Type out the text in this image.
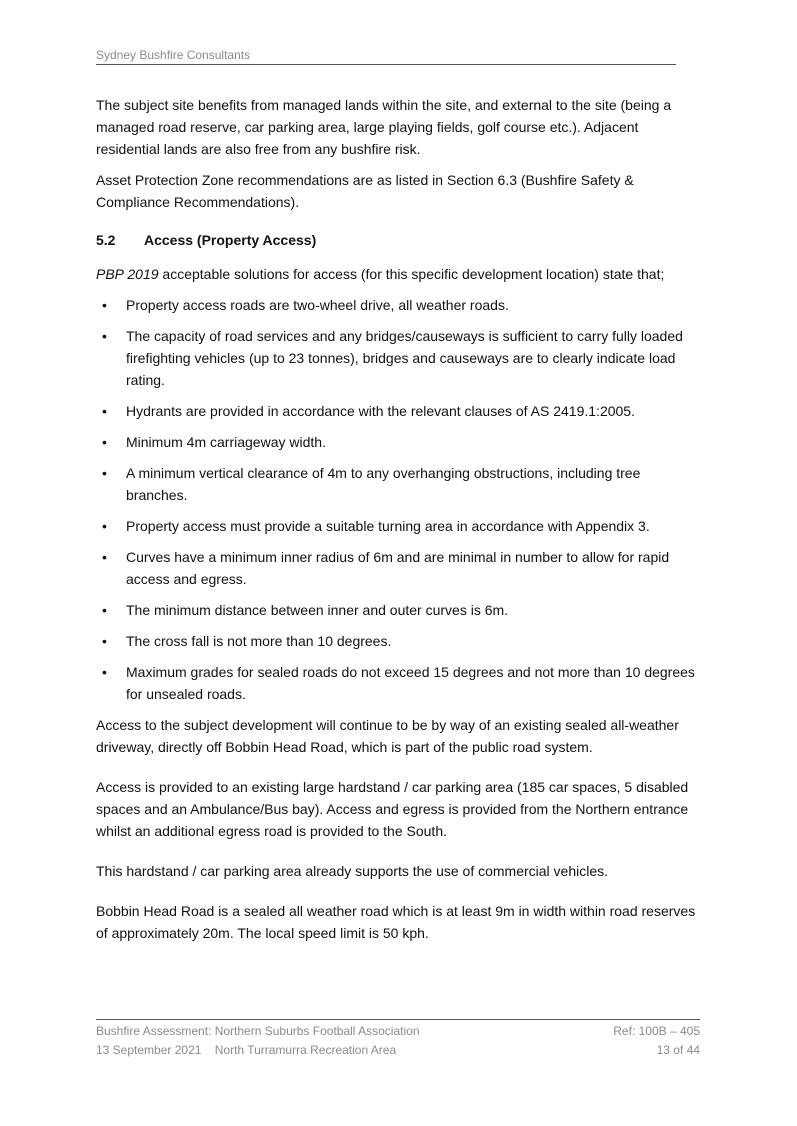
Sydney Bushfire Consultants

The subject site benefits from managed lands within the site, and external to the site (being a managed road reserve, car parking area, large playing fields, golf course etc.). Adjacent residential lands are also free from any bushfire risk.

Asset Protection Zone recommendations are as listed in Section 6.3 (Bushfire Safety & Compliance Recommendations).

5.2 Access (Property Access)

PBP 2019 acceptable solutions for access (for this specific development location) state that;

• Property access roads are two-wheel drive, all weather roads.
• The capacity of road services and any bridges/causeways is sufficient to carry fully loaded firefighting vehicles (up to 23 tonnes), bridges and causeways are to clearly indicate load rating.
• Hydrants are provided in accordance with the relevant clauses of AS 2419.1:2005.
• Minimum 4m carriageway width.
• A minimum vertical clearance of 4m to any overhanging obstructions, including tree branches.
• Property access must provide a suitable turning area in accordance with Appendix 3.
• Curves have a minimum inner radius of 6m and are minimal in number to allow for rapid access and egress.
• The minimum distance between inner and outer curves is 6m.
• The cross fall is not more than 10 degrees.
• Maximum grades for sealed roads do not exceed 15 degrees and not more than 10 degrees for unsealed roads.

Access to the subject development will continue to be by way of an existing sealed all-weather driveway, directly off Bobbin Head Road, which is part of the public road system.

Access is provided to an existing large hardstand / car parking area (185 car spaces, 5 disabled spaces and an Ambulance/Bus bay). Access and egress is provided from the Northern entrance whilst an additional egress road is provided to the South.

This hardstand / car parking area already supports the use of commercial vehicles.

Bobbin Head Road is a sealed all weather road which is at least 9m in width within road reserves of approximately 20m. The local speed limit is 50 kph.

Bushfire Assessment: Northern Suburbs Football Association	Ref: 100B – 405
13 September 2021    North Turramurra Recreation Area	13 of 44
